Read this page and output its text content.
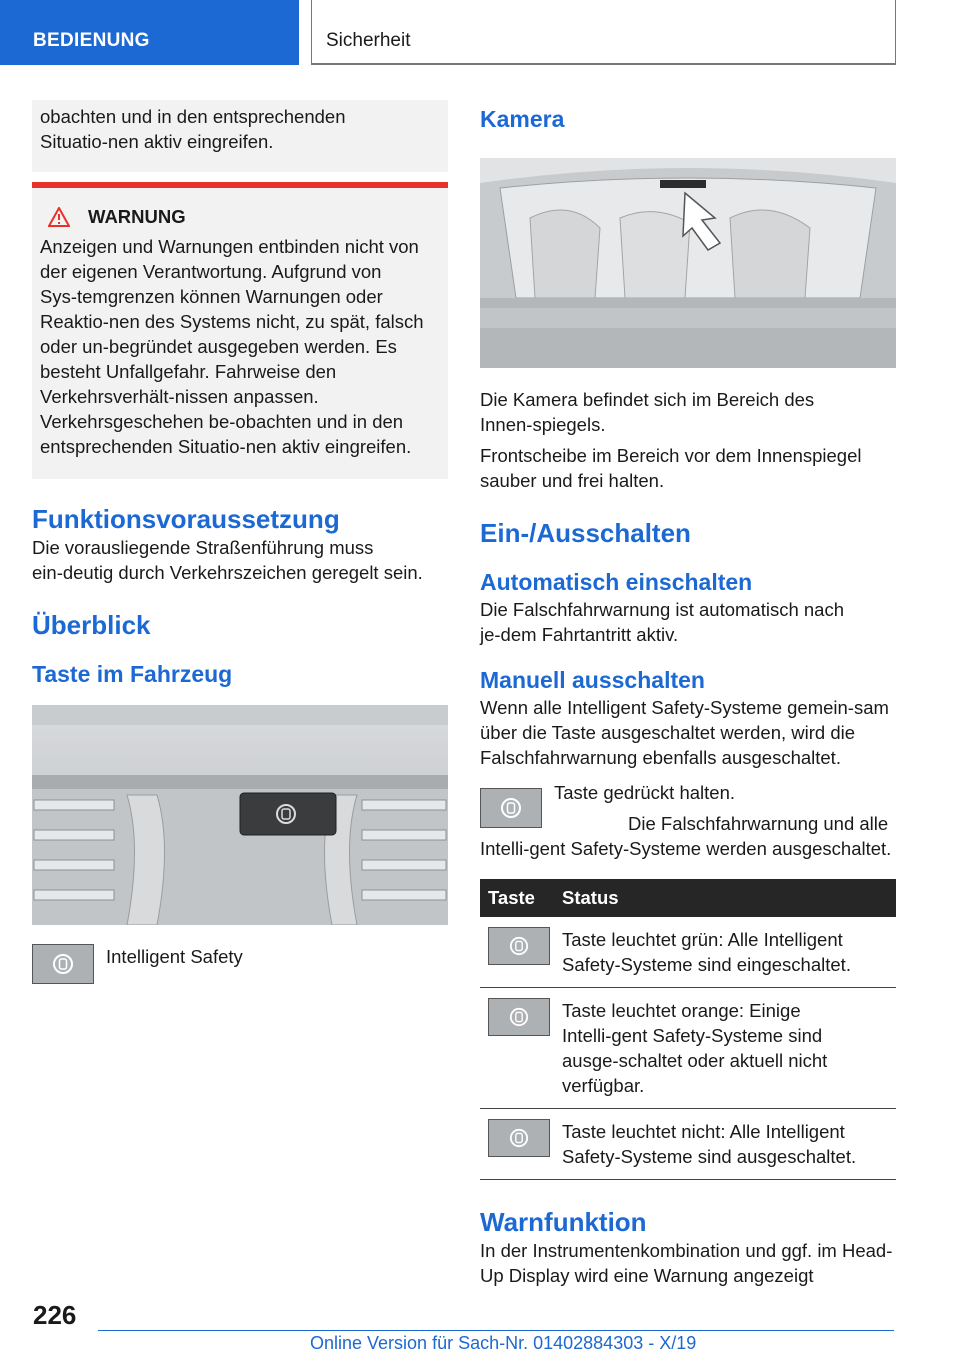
BEDIENUNG	Sicherheit

obachten und in den entsprechenden Situatio‑nen aktiv eingreifen.

WARNUNG

Anzeigen und Warnungen entbinden nicht von der eigenen Verantwortung. Aufgrund von Sys‑temgrenzen können Warnungen oder Reaktio‑nen des Systems nicht, zu spät, falsch oder un‑begründet ausgegeben werden. Es besteht Unfallgefahr. Fahrweise den Verkehrsverhält‑nissen anpassen. Verkehrsgeschehen be‑obachten und in den entsprechenden Situatio‑nen aktiv eingreifen.

Funktionsvoraussetzung

Die vorausliegende Straßenführung muss ein‑deutig durch Verkehrszeichen geregelt sein.

Überblick
Taste im Fahrzeug

Intelligent Safety

Kamera

Die Kamera befindet sich im Bereich des Innen‑spiegels.

Frontscheibe im Bereich vor dem Innenspiegel sauber und frei halten.

Ein-/Ausschalten
Automatisch einschalten

Die Falschfahrwarnung ist automatisch nach je‑dem Fahrtantritt aktiv.

Manuell ausschalten

Wenn alle Intelligent Safety-Systeme gemein‑sam über die Taste ausgeschaltet werden, wird die Falschfahrwarnung ebenfalls ausgeschaltet.

Taste gedrückt halten.

Die Falschfahrwarnung und alle Intelli‑gent Safety-Systeme werden ausgeschaltet.

Taste	Status

	Taste leuchtet grün: Alle Intelligent Safety-Systeme sind eingeschaltet.

	Taste leuchtet orange: Einige Intelli‑gent Safety-Systeme sind ausge‑schaltet oder aktuell nicht verfügbar.

	Taste leuchtet nicht: Alle Intelligent Safety-Systeme sind ausgeschaltet.
Warnfunktion

In der Instrumentenkombination und ggf. im Head-Up Display wird eine Warnung angezeigt

226
Online Version für Sach-Nr. 01402884303 - X/19
